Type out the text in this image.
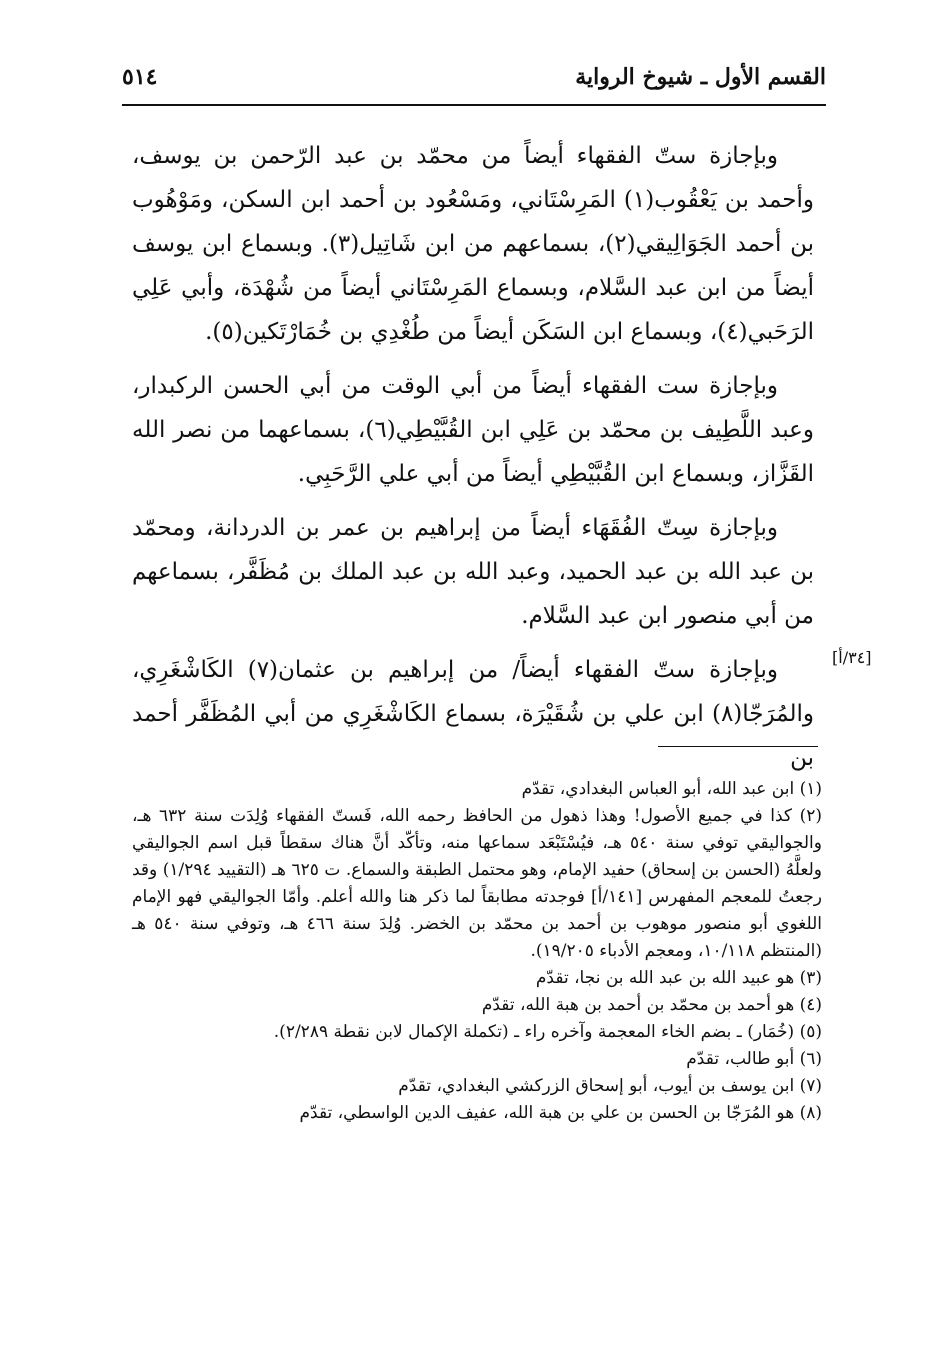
٥١٤	القسم الأول ـ شيوخ الرواية
[٣٤/أ]

وبإجازة ستّ الفقهاء أيضاً من محمّد بن عبد الرّحمن بن يوسف، وأحمد بن يَعْقُوب(١) المَرِسْتَاني، ومَسْعُود بن أحمد ابن السكن، ومَوْهُوب بن أحمد الجَوَالِيقي(٢)، بسماعهم من ابن شَاتِيل(٣). وبسماع ابن يوسف أيضاً من ابن عبد السَّلام، وبسماع المَرِسْتَاني أيضاً من شُهْدَة، وأبي عَلِي الرَحَبي(٤)، وبسماع ابن السَكَن أيضاً من طُغْدِي بن خُمَارْتَكين(٥).

وبإجازة ست الفقهاء أيضاً من أبي الوقت من أبي الحسن الركبدار، وعبد اللَّطِيف بن محمّد بن عَلِي ابن القُبَّيْطِي(٦)، بسماعهما من نصر الله القَزَّاز، وبسماع ابن القُبَّيْطِي أيضاً من أبي علي الرَّحَبِي.

وبإجازة سِتّ الفُقَهَاء أيضاً من إبراهيم بن عمر بن الدردانة، ومحمّد بن عبد الله بن عبد الحميد، وعبد الله بن عبد الملك بن مُظَفَّر، بسماعهم من أبي منصور ابن عبد السَّلام.

وبإجازة ستّ الفقهاء أيضاً/ من إبراهيم بن عثمان(٧) الكَاشْغَرِي، والمُرَجّا(٨) ابن علي بن شُقَيْرَة، بسماع الكَاشْغَرِي من أبي المُظَفَّر أحمد بن

(١) ابن عبد الله، أبو العباس البغدادي، تقدّم

(٢) كذا في جميع الأصول! وهذا ذهول من الحافظ رحمه الله، فَستّ الفقهاء وُلِدَت سنة ٦٣٢ هـ، والجواليقي توفي سنة ٥٤٠ هـ، فيُسْتَبْعَد سماعها منه، وتأكّد أنَّ هناك سقطاً قبل اسم الجواليقي ولعلَّهُ (الحسن بن إسحاق) حفيد الإمام، وهو محتمل الطبقة والسماع. ت ٦٢٥ هـ (التقييد ١/٢٩٤) وقد رجعتُ للمعجم المفهرس [١٤١/أ] فوجدته مطابقاً لما ذكر هنا والله أعلم. وأمّا الجواليقي فهو الإمام اللغوي أبو منصور موهوب بن أحمد بن محمّد بن الخضر. وُلِدَ سنة ٤٦٦ هـ، وتوفي سنة ٥٤٠ هـ (المنتظم ١٠/١١٨، ومعجم الأدباء ١٩/٢٠٥).

(٣) هو عبيد الله بن عبد الله بن نجا، تقدّم

(٤) هو أحمد بن محمّد بن أحمد بن هبة الله، تقدّم

(٥) (خُمَار) ـ بضم الخاء المعجمة وآخره راء ـ (تكملة الإكمال لابن نقطة ٢/٢٨٩).

(٦) أبو طالب، تقدّم

(٧) ابن يوسف بن أيوب، أبو إسحاق الزركشي البغدادي، تقدّم

(٨) هو المُرَجّا بن الحسن بن علي بن هبة الله، عفيف الدين الواسطي، تقدّم
